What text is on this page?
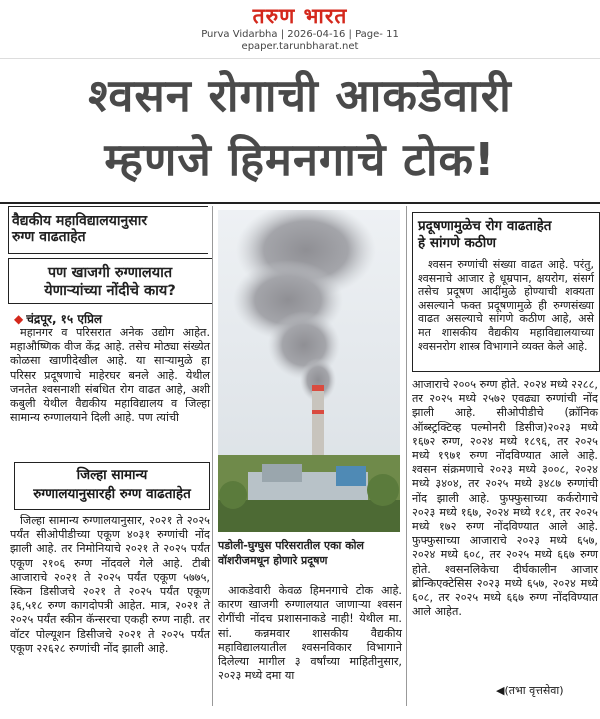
तरुण भारत
Purva Vidarbha | 2026-04-16 | Page- 11
epaper.tarunbharat.net
श्वसन रोगाची आकडेवारी
म्हणजे हिमनगाचे टोक!
वैद्यकीय महाविद्यालयानुसार
रुग्ण वाढताहेत
पण खाजगी रुग्णालयात
येणाऱ्यांच्या नोंदीचे काय?
◆ चंद्रपूर, १५ एप्रिल

महानगर व परिसरात अनेक उद्योग आहेत. महाऔष्णिक वीज केंद्र आहे. तसेच मोठ्या संख्येत कोळसा खाणीदेखील आहे. या साऱ्यामुळे हा परिसर प्रदूषणाचे माहेरघर बनले आहे. येथील जनतेत श्वसनाशी संबधित रोग वाढत आहे, अशी कबुली येथील वैद्यकीय महाविद्यालय व जिल्हा सामान्य रुग्णालयाने दिली आहे. पण त्यांची

जिल्हा सामान्य
रुग्णालयानुसारही रुग्ण वाढताहेत

जिल्हा सामान्य रुग्णालयानुसार, २०२१ ते २०२५ पर्यंत सीओपीडीच्या एकूण ४०३१ रुग्णांची नोंद झाली आहे. तर निमोनियाचे २०२१ ते २०२५ पर्यंत एकूण २१०६ रुग्ण नोंदवले गेले आहे. टीबी आजाराचे २०२१ ते २०२५ पर्यंत एकूण ५७७५, स्किन डिसीजचे २०२१ ते २०२५ पर्यंत एकूण ३६,५१८ रुग्ण कागदोपत्री आहेत. मात्र, २०२१ ते २०२५ पर्यंत स्कीन कॅन्सरचा एकही रुग्ण नाही. तर वॉटर पोल्यूशन डिसीजचे २०२१ ते २०२५ पर्यंत एकूण २२६२८ रुग्णांची नोंद झाली आहे.

पडोली-घुग्घुस परिसरातील एका कोल वॉशरीजमधून होणारे प्रदूषण

आकडेवारी केवळ हिमनगाचे टोक आहे. कारण खाजगी रुग्णालयात जाणाऱ्या श्वसन रोगींची नोंदच प्रशासनाकडे नाही! येथील मा. सां. कन्नमवार शासकीय वैद्यकीय महाविद्यालयातील श्वसनविकार विभागाने दिलेल्या मागील ३ वर्षांच्या माहितीनुसार, २०२३ मध्ये दमा या

प्रदूषणामुळेच रोग वाढताहेत
हे सांगणे कठीण

श्वसन रुग्णांची संख्या वाढत आहे. परंतु, श्वसनाचे आजार हे धूम्रपान, क्षयरोग, संसर्ग तसेच प्रदूषण आदींमुळे होण्याची शक्यता असल्याने फक्त प्रदूषणामुळे ही रुग्णसंख्या वाढत असल्याचे सांगणे कठीण आहे, असे मत शासकीय वैद्यकीय महाविद्यालयाच्या श्वसनरोग शास्त्र विभागाने व्यक्त केले आहे.

आजाराचे २००५ रुग्ण होते. २०२४ मध्ये २२८८, तर २०२५ मध्ये २५७२ एवढ्या रुग्णांची नोंद झाली आहे. सीओपीडीचे (क्रॉनिक ऑब्स्ट्रक्टिव्ह पल्मोनरी डिसीज)२०२३ मध्ये १६७२ रुग्ण, २०२४ मध्ये १८९६, तर २०२५ मध्ये १९७१ रुग्ण नोंदविण्यात आले आहे. श्वसन संक्रमणाचे २०२३ मध्ये ३००८, २०२४ मध्ये ३४०४, तर २०२५ मध्ये ३४८७ रुग्णांची नोंद झाली आहे. फुफ्फुसाच्या कर्करोगाचे २०२३ मध्ये १६७, २०२४ मध्ये १८१, तर २०२५ मध्ये १७२ रुग्ण नोंदविण्यात आले आहे. फुफ्फुसाच्या आजाराचे २०२३ मध्ये ६५७, २०२४ मध्ये ६०८, तर २०२५ मध्ये ६६७ रुग्ण होते. श्वसनलिकेचा दीर्घकालीन आजार ब्रोन्किएक्टेसिस २०२३ मध्ये ६५७, २०२४ मध्ये ६०८, तर २०२५ मध्ये ६६७ रुग्ण नोंदविण्यात आले आहेत.

◀(तभा वृत्तसेवा)
